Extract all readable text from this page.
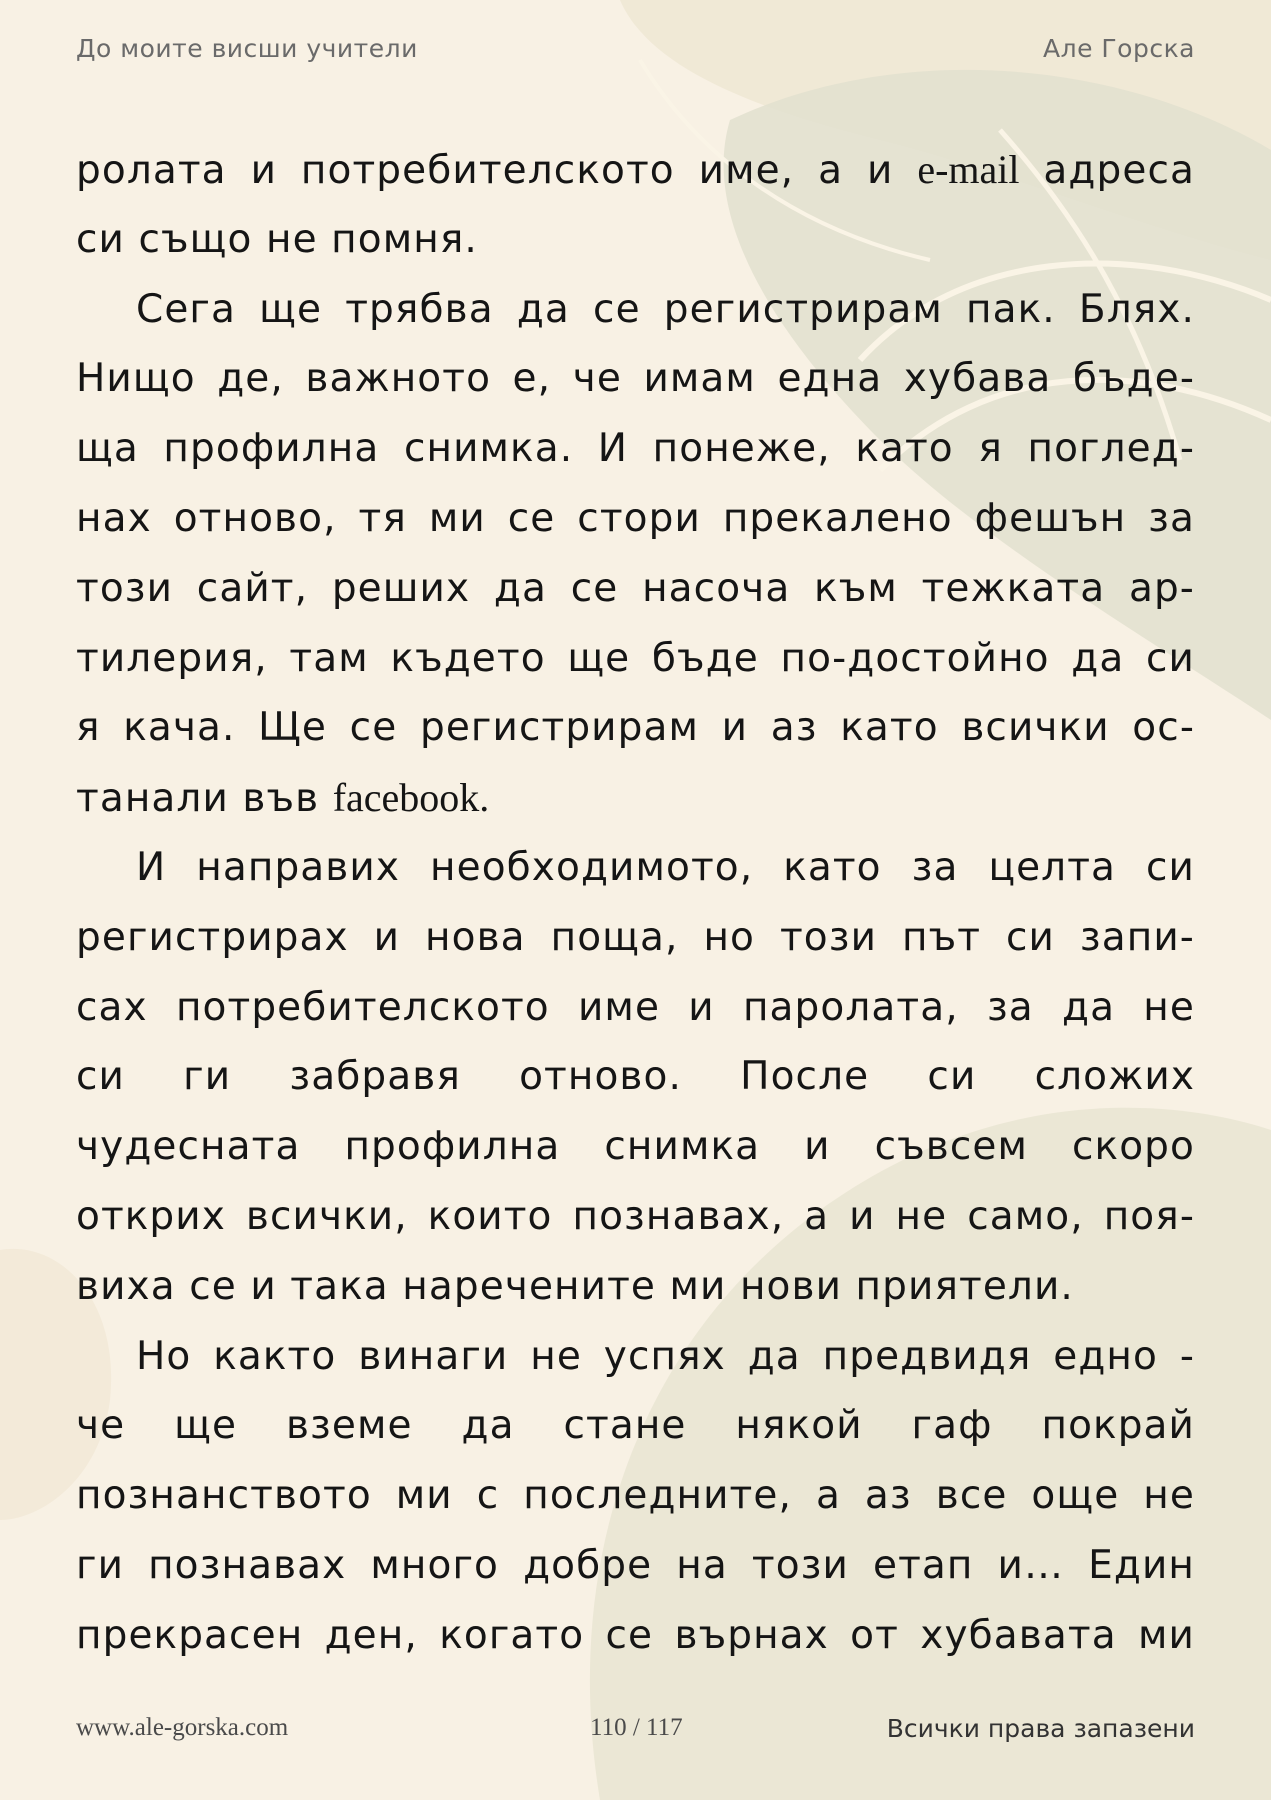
До моите висши учители	Але Горска
ролата и потребителското име, а и e-mail адреса
си също не помня.
Сега ще трябва да се регистрирам пак. Блях.
Нищо де, важното е, че имам една хубава бъде-
ща профилна снимка. И понеже, като я поглед-
нах отново, тя ми се стори прекалено фешън за
този сайт, реших да се насоча към тежката ар-
тилерия, там където ще бъде по-достойно да си
я кача. Ще се регистрирам и аз като всички ос-
танали във facebook.
И направих необходимото, като за целта си
регистрирах и нова поща, но този път си запи-
сах потребителското име и паролата, за да не
си ги забравя отново. После си сложих
чудесната профилна снимка и съвсем скоро
открих всички, които познавах, а и не само, поя-
виха се и така наречените ми нови приятели.
Но както винаги не успях да предвидя едно -
че ще вземе да стане някой гаф покрай
познанството ми с последните, а аз все още не
ги познавах много добре на този етап и… Един
прекрасен ден, когато се върнах от хубавата ми
www.ale-gorska.com	110 / 117	Всички права запазени
